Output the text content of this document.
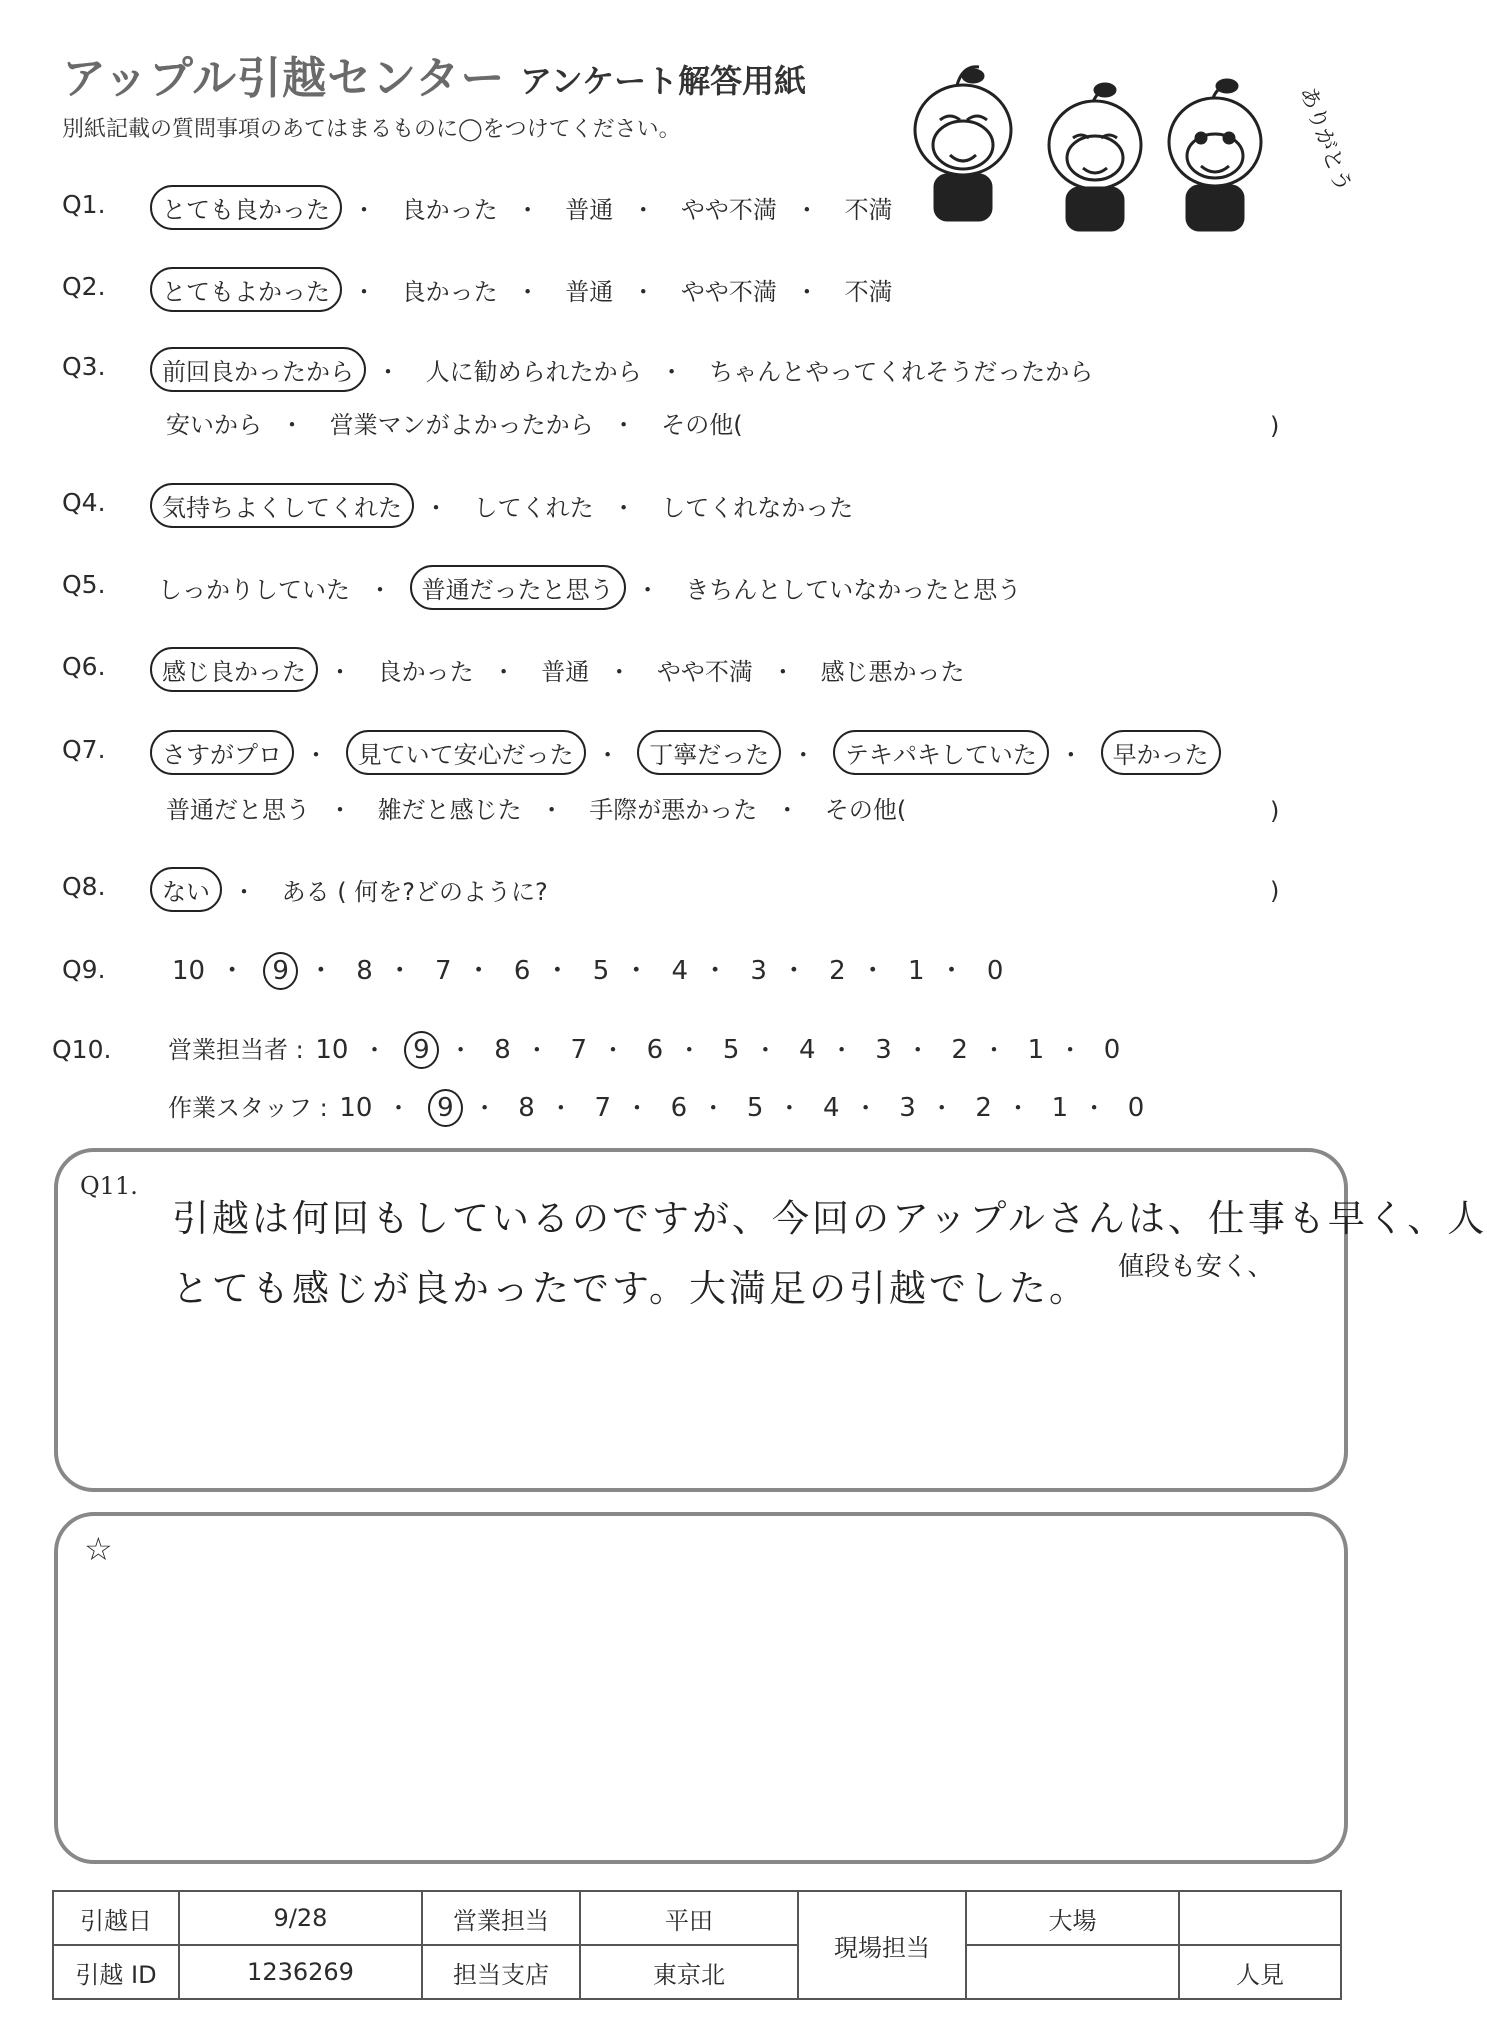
アップル引越センター アンケート解答用紙
別紙記載の質問事項のあてはまるものに◯をつけてください。	ありがとう
Q1.	とても良かった ・ 良かった ・ 普通 ・ やや不満 ・ 不満
Q2.	とてもよかった ・ 良かった ・ 普通 ・ やや不満 ・ 不満
Q3.	前回良かったから ・ 人に勧められたから ・ ちゃんとやってくれそうだったから
安いから ・ 営業マンがよかったから ・ その他(	)
Q4.	気持ちよくしてくれた ・ してくれた ・ してくれなかった
Q5.	しっかりしていた ・ 普通だったと思う ・ きちんとしていなかったと思う
Q6.	感じ良かった ・ 良かった ・ 普通 ・ やや不満 ・ 感じ悪かった
Q7.	さすがプロ ・ 見ていて安心だった ・ 丁寧だった ・ テキパキしていた ・ 早かった
普通だと思う ・ 雑だと感じた ・ 手際が悪かった ・ その他(	)
Q8.	ない ・ ある ( 何を?どのように?	)
Q9.	10 ・ 9 ・ 8 ・ 7 ・ 6 ・ 5 ・ 4 ・ 3 ・ 2 ・ 1 ・ 0
Q10. 営業担当者 : 10 ・ 9 ・ 8 ・ 7 ・ 6 ・ 5 ・ 4 ・ 3 ・ 2 ・ 1 ・ 0
作業スタッフ : 10 ・ 9 ・ 8 ・ 7 ・ 6 ・ 5 ・ 4 ・ 3 ・ 2 ・ 1 ・ 0
Q11.
引越は何回もしているのですが、今回のアップルさんは、仕事も早く、人
とても感じが良かったです。大満足の引越でした。 値段も安く、
☆
引越日	9/28	営業担当	平田	現場担当	大場	
引越 ID	1236269	担当支店	東京北			人見
